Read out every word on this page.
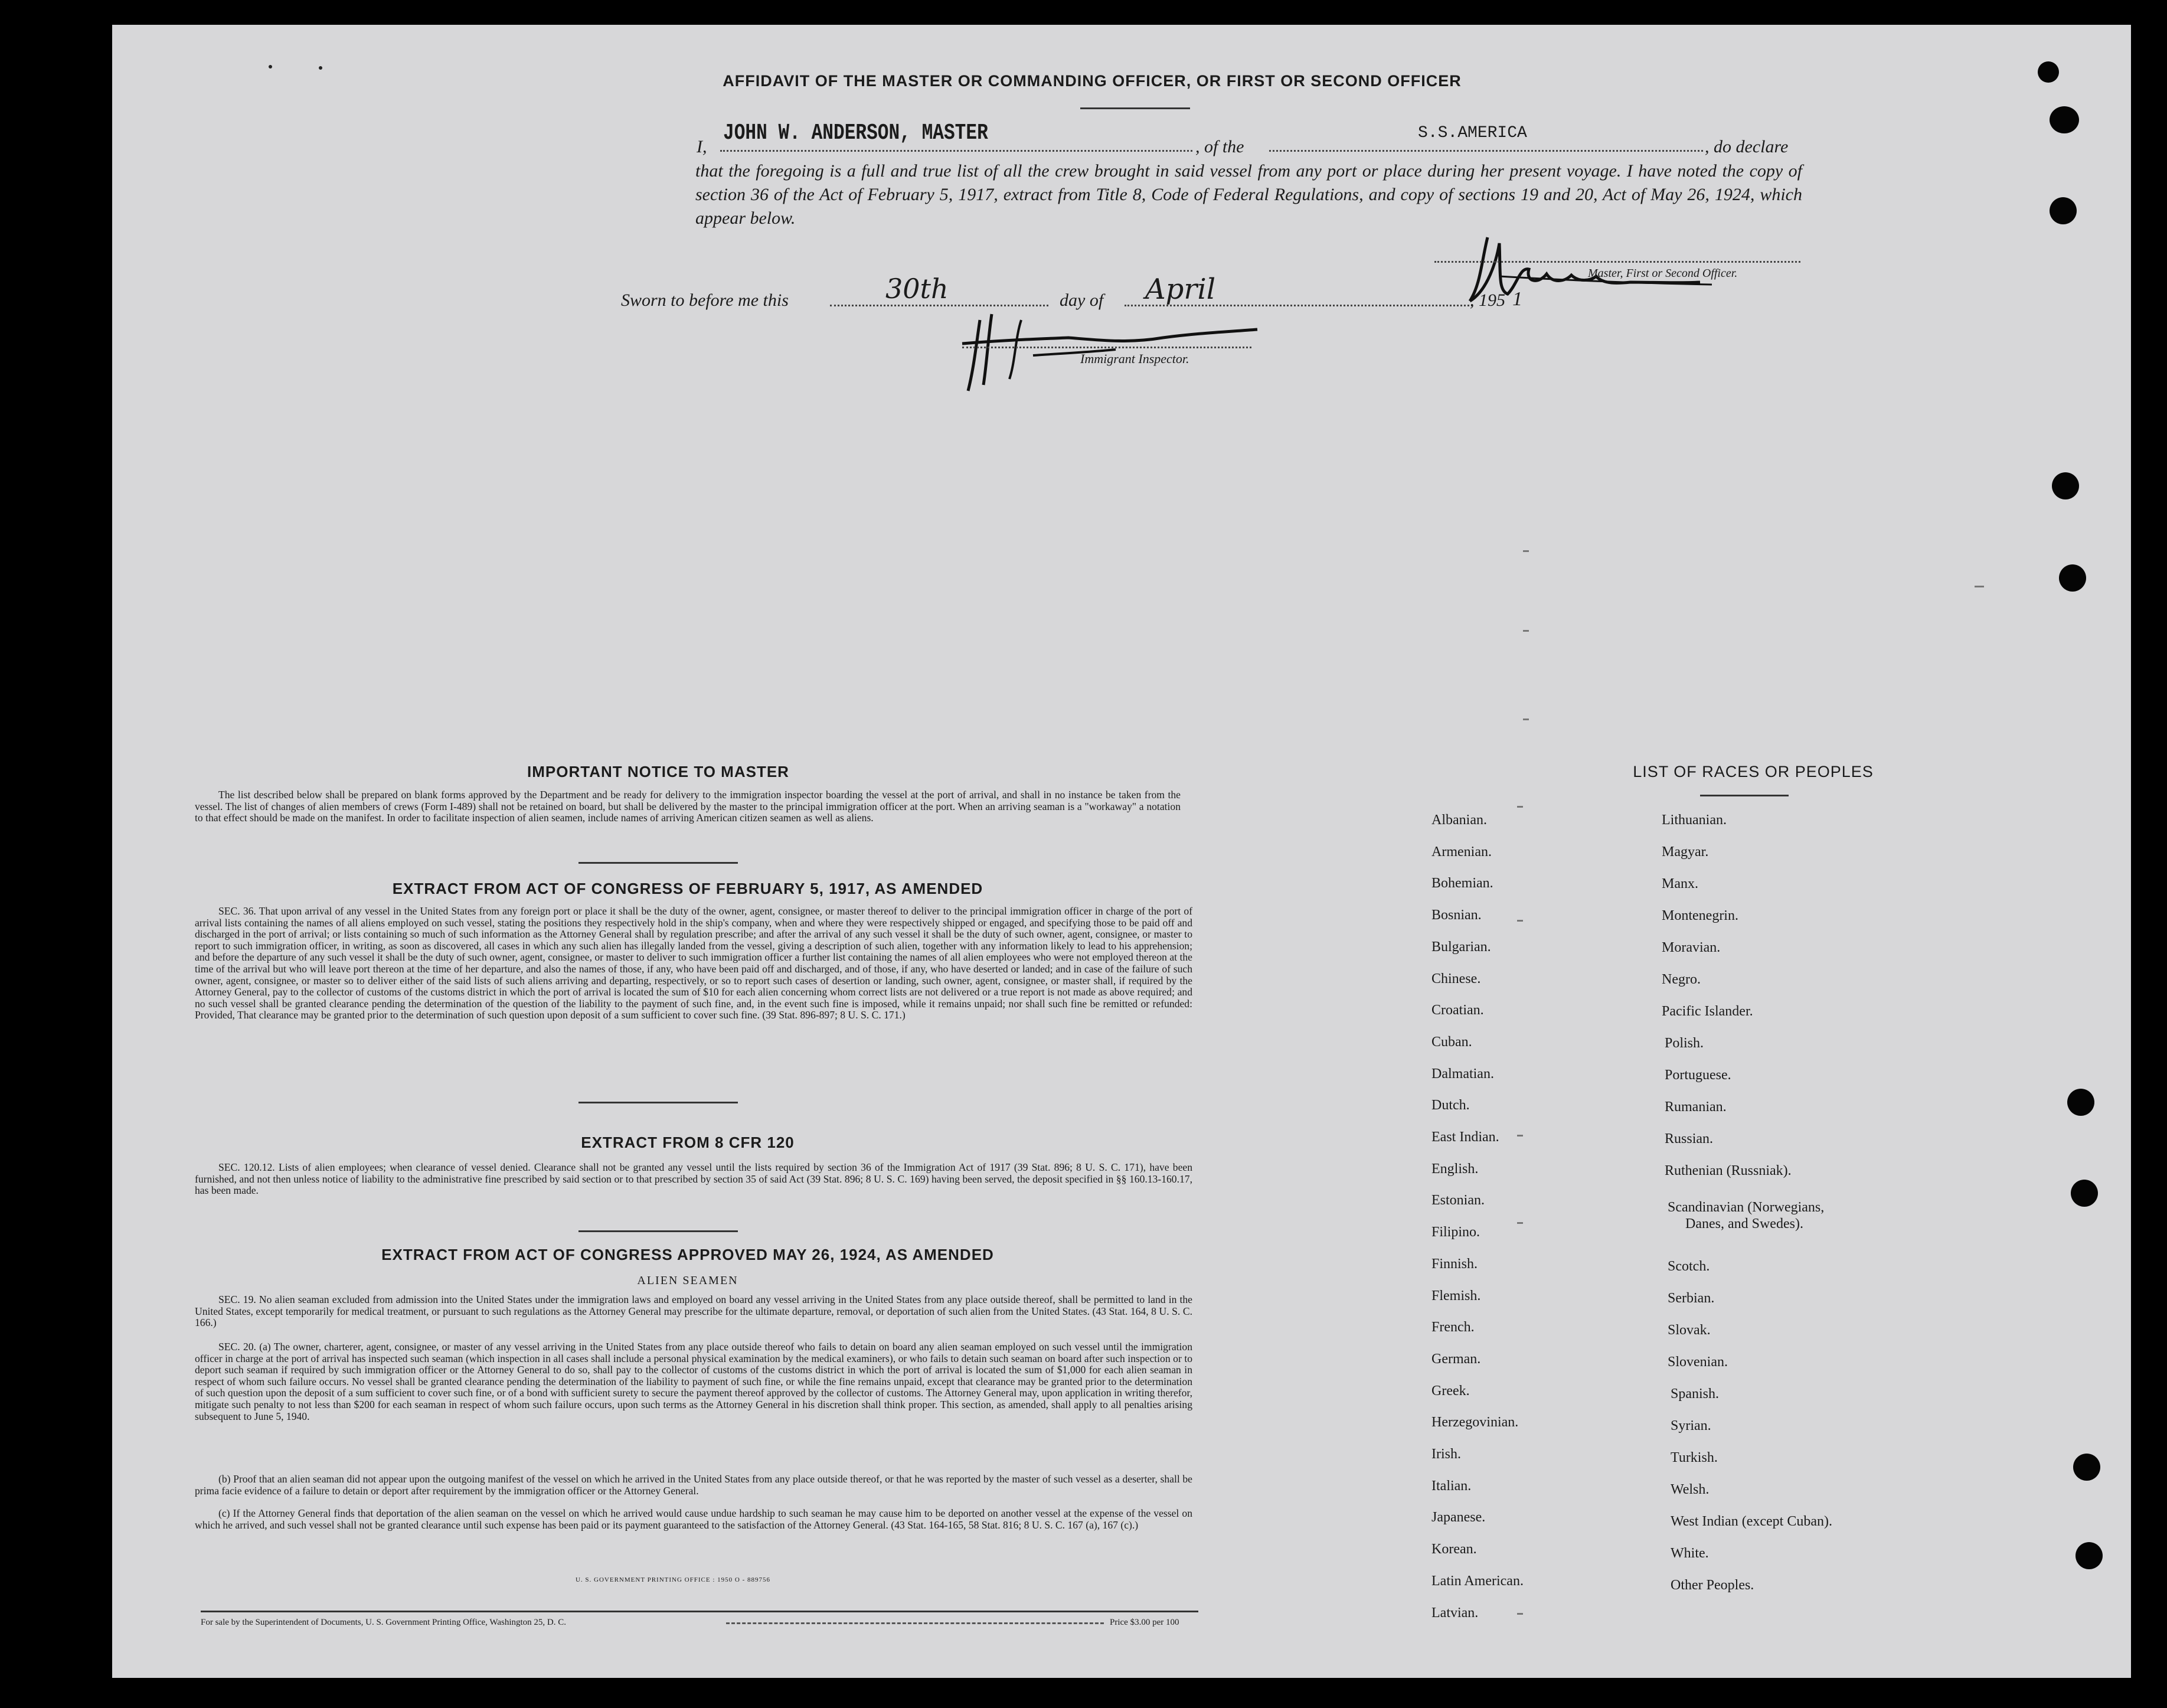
AFFIDAVIT OF THE MASTER OR COMMANDING OFFICER, OR FIRST OR SECOND OFFICER
I,
JOHN W. ANDERSON, MASTER
, of the
S.S.AMERICA
, do declare
that the foregoing is a full and true list of all the crew brought in said vessel from any port or place during her present voyage. I have noted the copy of section 36 of the Act of February 5, 1917, extract from Title 8, Code of Federal Regulations, and copy of sections 19 and 20, Act of May 26, 1924, which appear below.
Master, First or Second Officer.
Sworn to before me this	30th	day of April	, 195 1
Immigrant Inspector.
IMPORTANT NOTICE TO MASTER
The list described below shall be prepared on blank forms approved by the Department and be ready for delivery to the immigration inspector boarding the vessel at the port of arrival, and shall in no instance be taken from the vessel. The list of changes of alien members of crews (Form I-489) shall not be retained on board, but shall be delivered by the master to the principal immigration officer at the port. When an arriving seaman is a "workaway" a notation to that effect should be made on the manifest. In order to facilitate inspection of alien seamen, include names of arriving American citizen seamen as well as aliens.
EXTRACT FROM ACT OF CONGRESS OF FEBRUARY 5, 1917, AS AMENDED
SEC. 36. That upon arrival of any vessel in the United States from any foreign port or place it shall be the duty of the owner, agent, consignee, or master thereof to deliver to the principal immigration officer in charge of the port of arrival lists containing the names of all aliens employed on such vessel, stating the positions they respectively hold in the ship's company, when and where they were respectively shipped or engaged, and specifying those to be paid off and discharged in the port of arrival; or lists containing so much of such information as the Attorney General shall by regulation prescribe; and after the arrival of any such vessel it shall be the duty of such owner, agent, consignee, or master to report to such immigration officer, in writing, as soon as discovered, all cases in which any such alien has illegally landed from the vessel, giving a description of such alien, together with any information likely to lead to his apprehension; and before the departure of any such vessel it shall be the duty of such owner, agent, consignee, or master to deliver to such immigration officer a further list containing the names of all alien employees who were not employed thereon at the time of the arrival but who will leave port thereon at the time of her departure, and also the names of those, if any, who have been paid off and discharged, and of those, if any, who have deserted or landed; and in case of the failure of such owner, agent, consignee, or master so to deliver either of the said lists of such aliens arriving and departing, respectively, or so to report such cases of desertion or landing, such owner, agent, consignee, or master shall, if required by the Attorney General, pay to the collector of customs of the customs district in which the port of arrival is located the sum of $10 for each alien concerning whom correct lists are not delivered or a true report is not made as above required; and no such vessel shall be granted clearance pending the determination of the question of the liability to the payment of such fine, and, in the event such fine is imposed, while it remains unpaid; nor shall such fine be remitted or refunded: Provided, That clearance may be granted prior to the determination of such question upon deposit of a sum sufficient to cover such fine. (39 Stat. 896-897; 8 U. S. C. 171.)
EXTRACT FROM 8 CFR 120
SEC. 120.12. Lists of alien employees; when clearance of vessel denied. Clearance shall not be granted any vessel until the lists required by section 36 of the Immigration Act of 1917 (39 Stat. 896; 8 U. S. C. 171), have been furnished, and not then unless notice of liability to the administrative fine prescribed by said section or to that prescribed by section 35 of said Act (39 Stat. 896; 8 U. S. C. 169) having been served, the deposit specified in §§ 160.13-160.17, has been made.
EXTRACT FROM ACT OF CONGRESS APPROVED MAY 26, 1924, AS AMENDED
ALIEN SEAMEN
SEC. 19. No alien seaman excluded from admission into the United States under the immigration laws and employed on board any vessel arriving in the United States from any place outside thereof, shall be permitted to land in the United States, except temporarily for medical treatment, or pursuant to such regulations as the Attorney General may prescribe for the ultimate departure, removal, or deportation of such alien from the United States. (43 Stat. 164, 8 U. S. C. 166.)
SEC. 20. (a) The owner, charterer, agent, consignee, or master of any vessel arriving in the United States from any place outside thereof who fails to detain on board any alien seaman employed on such vessel until the immigration officer in charge at the port of arrival has inspected such seaman (which inspection in all cases shall include a personal physical examination by the medical examiners), or who fails to detain such seaman on board after such inspection or to deport such seaman if required by such immigration officer or the Attorney General to do so, shall pay to the collector of customs of the customs district in which the port of arrival is located the sum of $1,000 for each alien seaman in respect of whom such failure occurs. No vessel shall be granted clearance pending the determination of the liability to payment of such fine, or while the fine remains unpaid, except that clearance may be granted prior to the determination of such question upon the deposit of a sum sufficient to cover such fine, or of a bond with sufficient surety to secure the payment thereof approved by the collector of customs. The Attorney General may, upon application in writing therefor, mitigate such penalty to not less than $200 for each seaman in respect of whom such failure occurs, upon such terms as the Attorney General in his discretion shall think proper. This section, as amended, shall apply to all penalties arising subsequent to June 5, 1940.
(b) Proof that an alien seaman did not appear upon the outgoing manifest of the vessel on which he arrived in the United States from any place outside thereof, or that he was reported by the master of such vessel as a deserter, shall be prima facie evidence of a failure to detain or deport after requirement by the immigration officer or the Attorney General.
(c) If the Attorney General finds that deportation of the alien seaman on the vessel on which he arrived would cause undue hardship to such seaman he may cause him to be deported on another vessel at the expense of the vessel on which he arrived, and such vessel shall not be granted clearance until such expense has been paid or its payment guaranteed to the satisfaction of the Attorney General. (43 Stat. 164-165, 58 Stat. 816; 8 U. S. C. 167 (a), 167 (c).)
U. S. GOVERNMENT PRINTING OFFICE : 1950 O - 889756
For sale by the Superintendent of Documents, U. S. Government Printing Office, Washington 25, D. C.	Price $3.00 per 100
LIST OF RACES OR PEOPLES
Albanian.
Armenian.
Bohemian.
Bosnian.
Bulgarian.
Chinese.
Croatian.
Cuban.
Dalmatian.
Dutch.
East Indian.
English.
Estonian.
Filipino.
Finnish.
Flemish.
French.
German.
Greek.
Herzegovinian.
Irish.
Italian.
Japanese.
Korean.
Latin American.
Latvian.
Lithuanian.
Magyar.
Manx.
Montenegrin.
Moravian.
Negro.
Pacific Islander.
Polish.
Portuguese.
Rumanian.
Russian.
Ruthenian (Russniak).
Scandinavian (Norwegians,
Danes, and Swedes).
Scotch.
Serbian.
Slovak.
Slovenian.
Spanish.
Syrian.
Turkish.
Welsh.
West Indian (except Cuban).
White.
Other Peoples.
